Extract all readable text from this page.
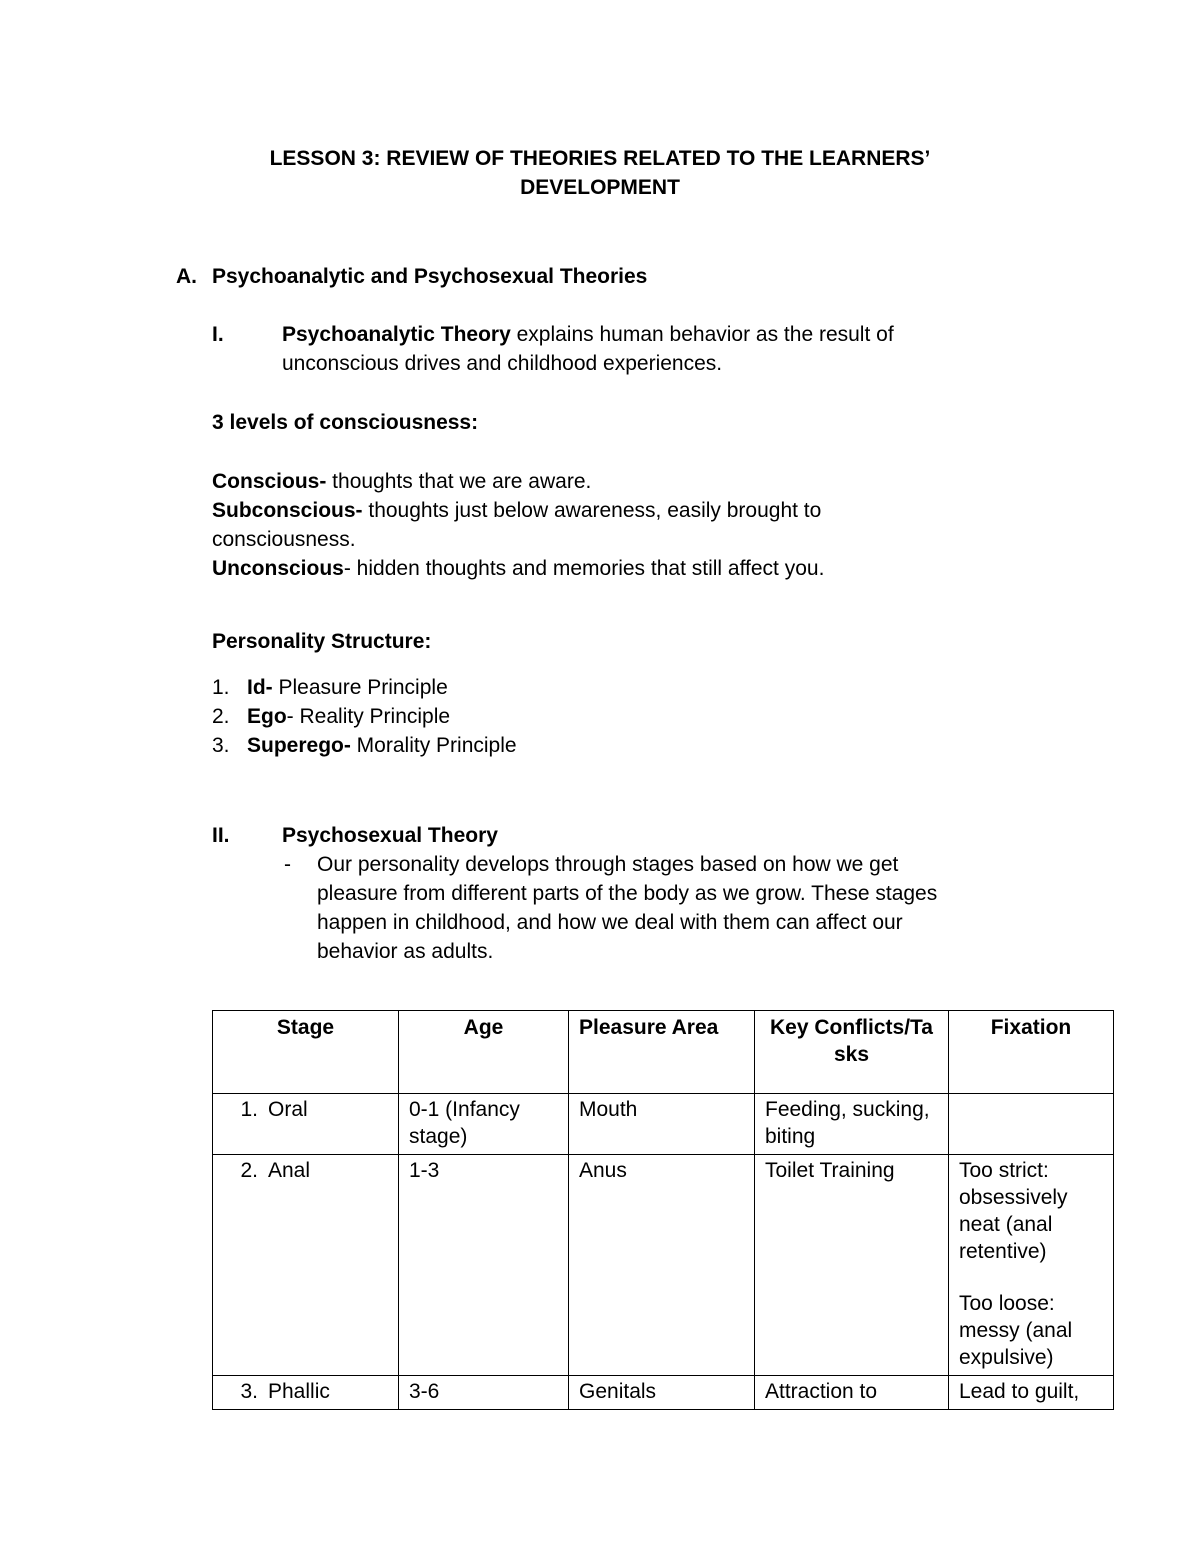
LESSON 3: REVIEW OF THEORIES RELATED TO THE LEARNERS’
DEVELOPMENT
A. Psychoanalytic and Psychosexual Theories
I.	Psychoanalytic Theory explains human behavior as the result of
unconscious drives and childhood experiences.
3 levels of consciousness:
Conscious- thoughts that we are aware.
Subconscious- thoughts just below awareness, easily brought to
consciousness.
Unconscious- hidden thoughts and memories that still affect you.
Personality Structure:
1. Id- Pleasure Principle
2. Ego- Reality Principle
3. Superego- Morality Principle
II. Psychosexual Theory
- Our personality develops through stages based on how we get
pleasure from different parts of the body as we grow. These stages
happen in childhood, and how we deal with them can affect our
behavior as adults.
Stage	Age	Pleasure Area	Key Conflicts/Tasks	Fixation
1. Oral	0-1 (Infancy stage)	Mouth	Feeding, sucking, biting	
2. Anal	1-3	Anus	Toilet Training	Too strict: obsessively neat (anal retentive)
Too loose: messy (anal expulsive)

3. Phallic	3-6	Genitals	Attraction to	Lead to guilt,
